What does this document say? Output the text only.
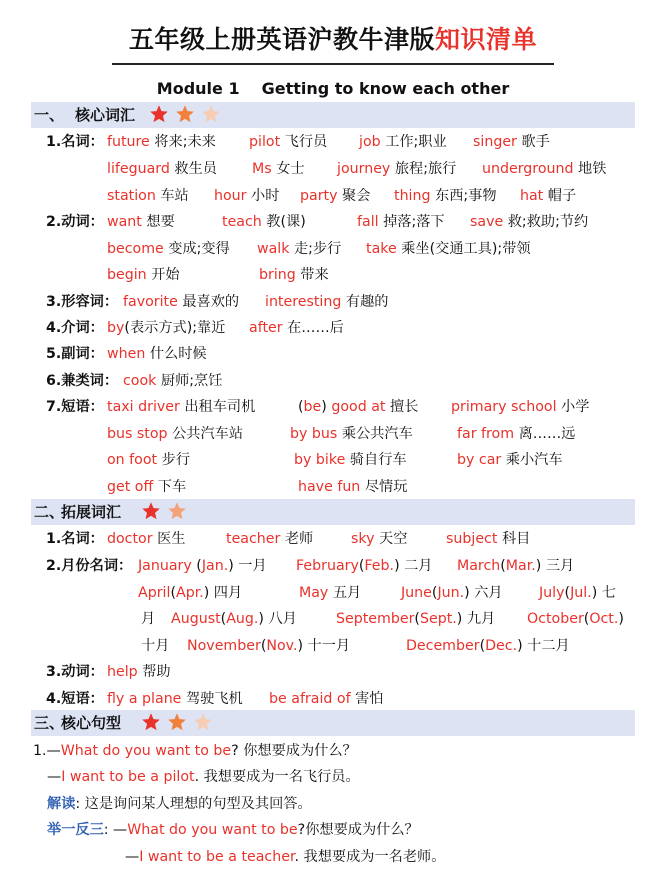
五年级上册英语沪教牛津版知识清单
Module 1 Getting to know each other
一、 核心词汇

1.名词： future 将来;未来 pilot 飞行员 job 工作;职业 singer 歌手
lifeguard 救生员 Ms 女士 journey 旅程;旅行 underground 地铁
station 车站 hour 小时 party 聚会 thing 东西;事物 hat 帽子
2.动词： want 想要	teach 教(课)	fall 掉落;落下 save 救;救助;节约
become 变成;变得 walk 走;步行 take 乘坐(交通工具);带领
begin 开始	bring 带来
3.形容词： favorite 最喜欢的 interesting 有趣的
4.介词： by(表示方式);靠近 after 在……后
5.副词： when 什么时候
6.兼类词： cook 厨师;烹饪
7.短语： taxi driver 出租车司机	(be) good at 擅长 primary school 小学
bus stop 公共汽车站	by bus 乘公共汽车	far from 离……远
on foot 步行	by bike 骑自行车	by car 乘小汽车
get off 下车	have fun 尽情玩
二、
拓展词汇

1.名词： doctor 医生	teacher 老师	sky 天空	subject 科目
2.月份名词： January (Jan.) 一月 February(Feb.) 二月 March(Mar.) 三月
April(Apr.) 四月	May 五月	June(Jun.) 六月	July(Jul.) 七
月 August(Aug.) 八月	September(Sept.) 九月 October(Oct.)
十月 November(Nov.) 十一月	December(Dec.) 十二月
3.动词： help 帮助
4.短语： fly a plane 驾驶飞机 be afraid of 害怕
三、
核心句型

1.—What do you want to be? 你想要成为什么？
—I want to be a pilot. 我想要成为一名飞行员。
解读: 这是询问某人理想的句型及其回答。
举一反三: —What do you want to be?你想要成为什么？
—I want to be a teacher. 我想要成为一名老师。
